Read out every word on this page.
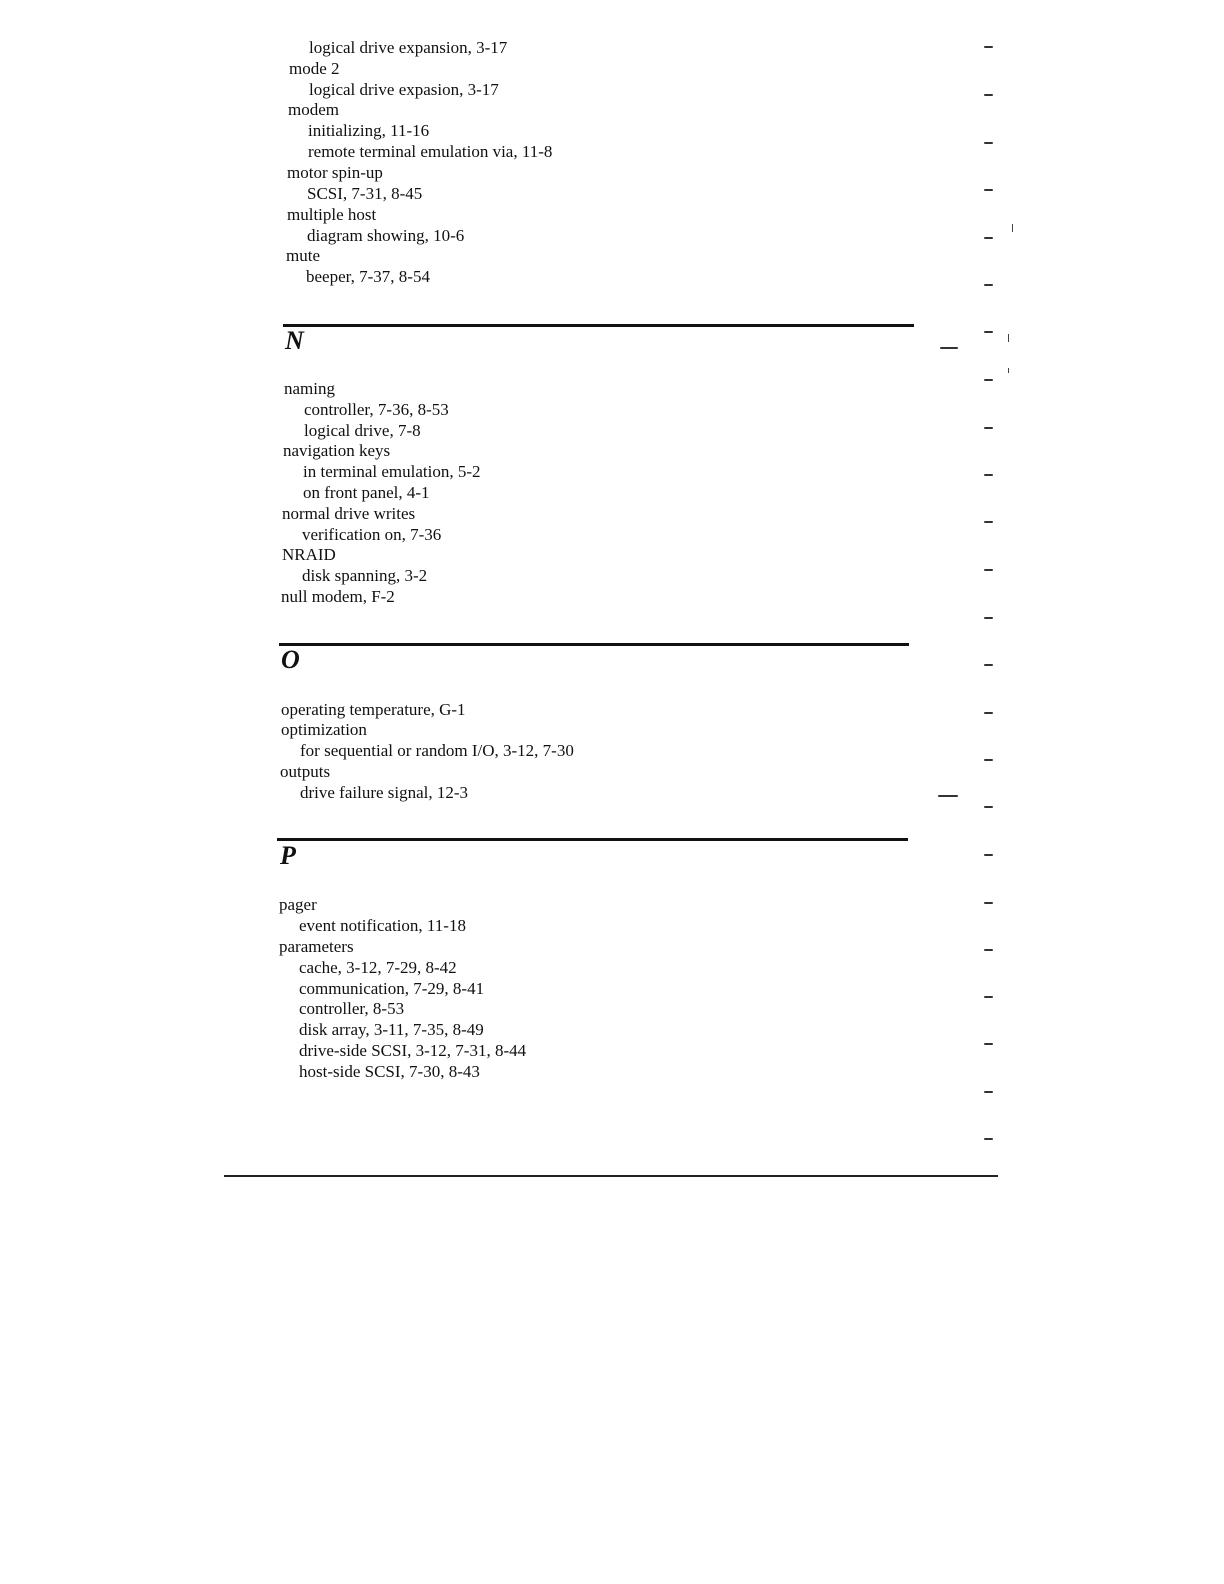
logical drive expansion, 3-17
mode 2
logical drive expasion, 3-17
modem
initializing, 11-16
remote terminal emulation via, 11-8
motor spin-up
SCSI, 7-31, 8-45
multiple host
diagram showing, 10-6
mute
beeper, 7-37, 8-54
N
naming
controller, 7-36, 8-53
logical drive, 7-8
navigation keys
in terminal emulation, 5-2
on front panel, 4-1
normal drive writes
verification on, 7-36
NRAID
disk spanning, 3-2
null modem, F-2
O
operating temperature, G-1
optimization
for sequential or random I/O, 3-12, 7-30
outputs
drive failure signal, 12-3
P
pager
event notification, 11-18
parameters
cache, 3-12, 7-29, 8-42
communication, 7-29, 8-41
controller, 8-53
disk array, 3-11, 7-35, 8-49
drive-side SCSI, 3-12, 7-31, 8-44
host-side SCSI, 7-30, 8-43
